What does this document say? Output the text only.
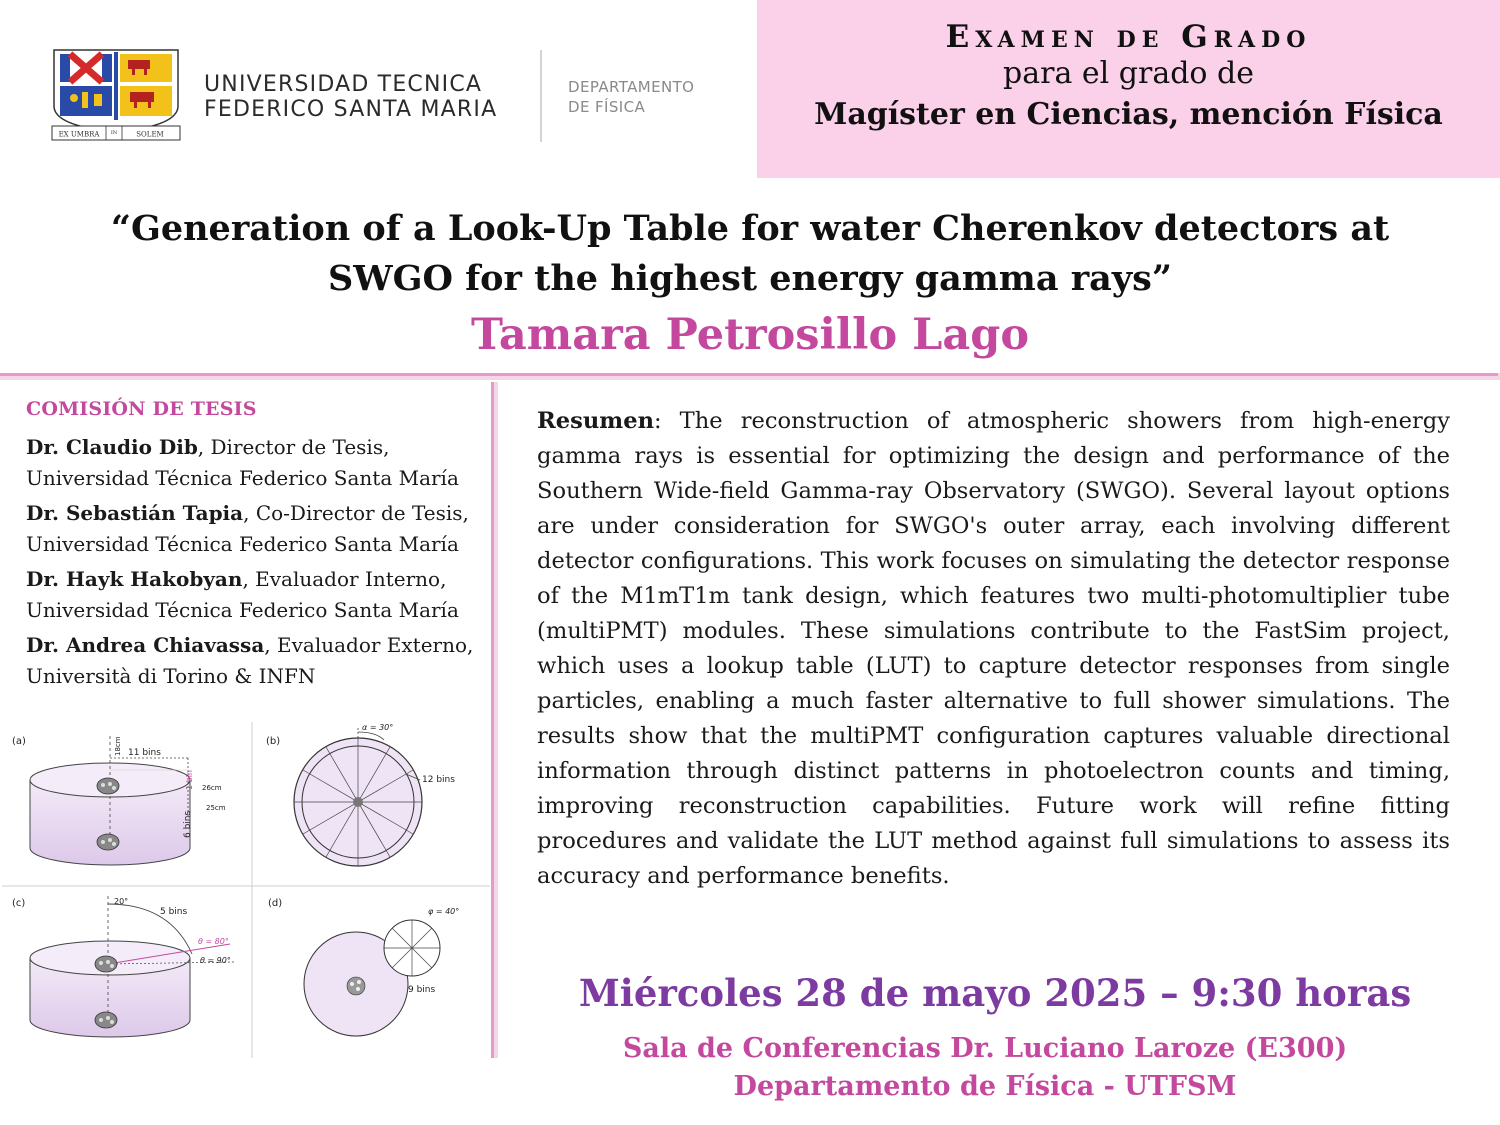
EX UMBRA IN	SOLEM
UNIVERSIDAD TECNICA
FEDERICO SANTA MARIA
DEPARTAMENTO
DE FÍSICA
Examen de Grado
para el grado de
Magíster en Ciencias, mención Física
“Generation of a Look-Up Table for water Cherenkov detectors at
SWGO for the highest energy gamma rays”
Tamara Petrosillo Lago
COMISIÓN DE TESIS
Dr. Claudio Dib, Director de Tesis,
Universidad Técnica Federico Santa María
Dr. Sebastián Tapia, Co-Director de Tesis,
Universidad Técnica Federico Santa María
Dr. Hayk Hakobyan, Evaluador Interno,
Universidad Técnica Federico Santa María
Dr. Andrea Chiavassa, Evaluador Externo,
Università di Torino & INFN
(a)
11 bins
18cm
1 bin 26cm
25cm
6 bins
(b)
α = 30°
12 bins
(c)	20°
5 bins
θ = 80°
θ = 90°
(d)
φ = 40°
9 bins
Resumen: The reconstruction of atmospheric showers from high-energy gamma rays is essential for optimizing the design and performance of the Southern Wide-field Gamma-ray Observatory (SWGO). Several layout options are under consideration for SWGO's outer array, each involving different detector configurations. This work focuses on simulating the detector response of the M1mT1m tank design, which features two multi-photomultiplier tube (multiPMT) modules. These simulations contribute to the FastSim project, which uses a lookup table (LUT) to capture detector responses from single particles, enabling a much faster alternative to full shower simulations. The results show that the multiPMT configuration captures valuable directional information through distinct patterns in photoelectron counts and timing, improving reconstruction capabilities. Future work will refine fitting procedures and validate the LUT method against full simulations to assess its accuracy and performance benefits.
Miércoles 28 de mayo 2025 – 9:30 horas
Sala de Conferencias Dr. Luciano Laroze (E300)
Departamento de Física - UTFSM
